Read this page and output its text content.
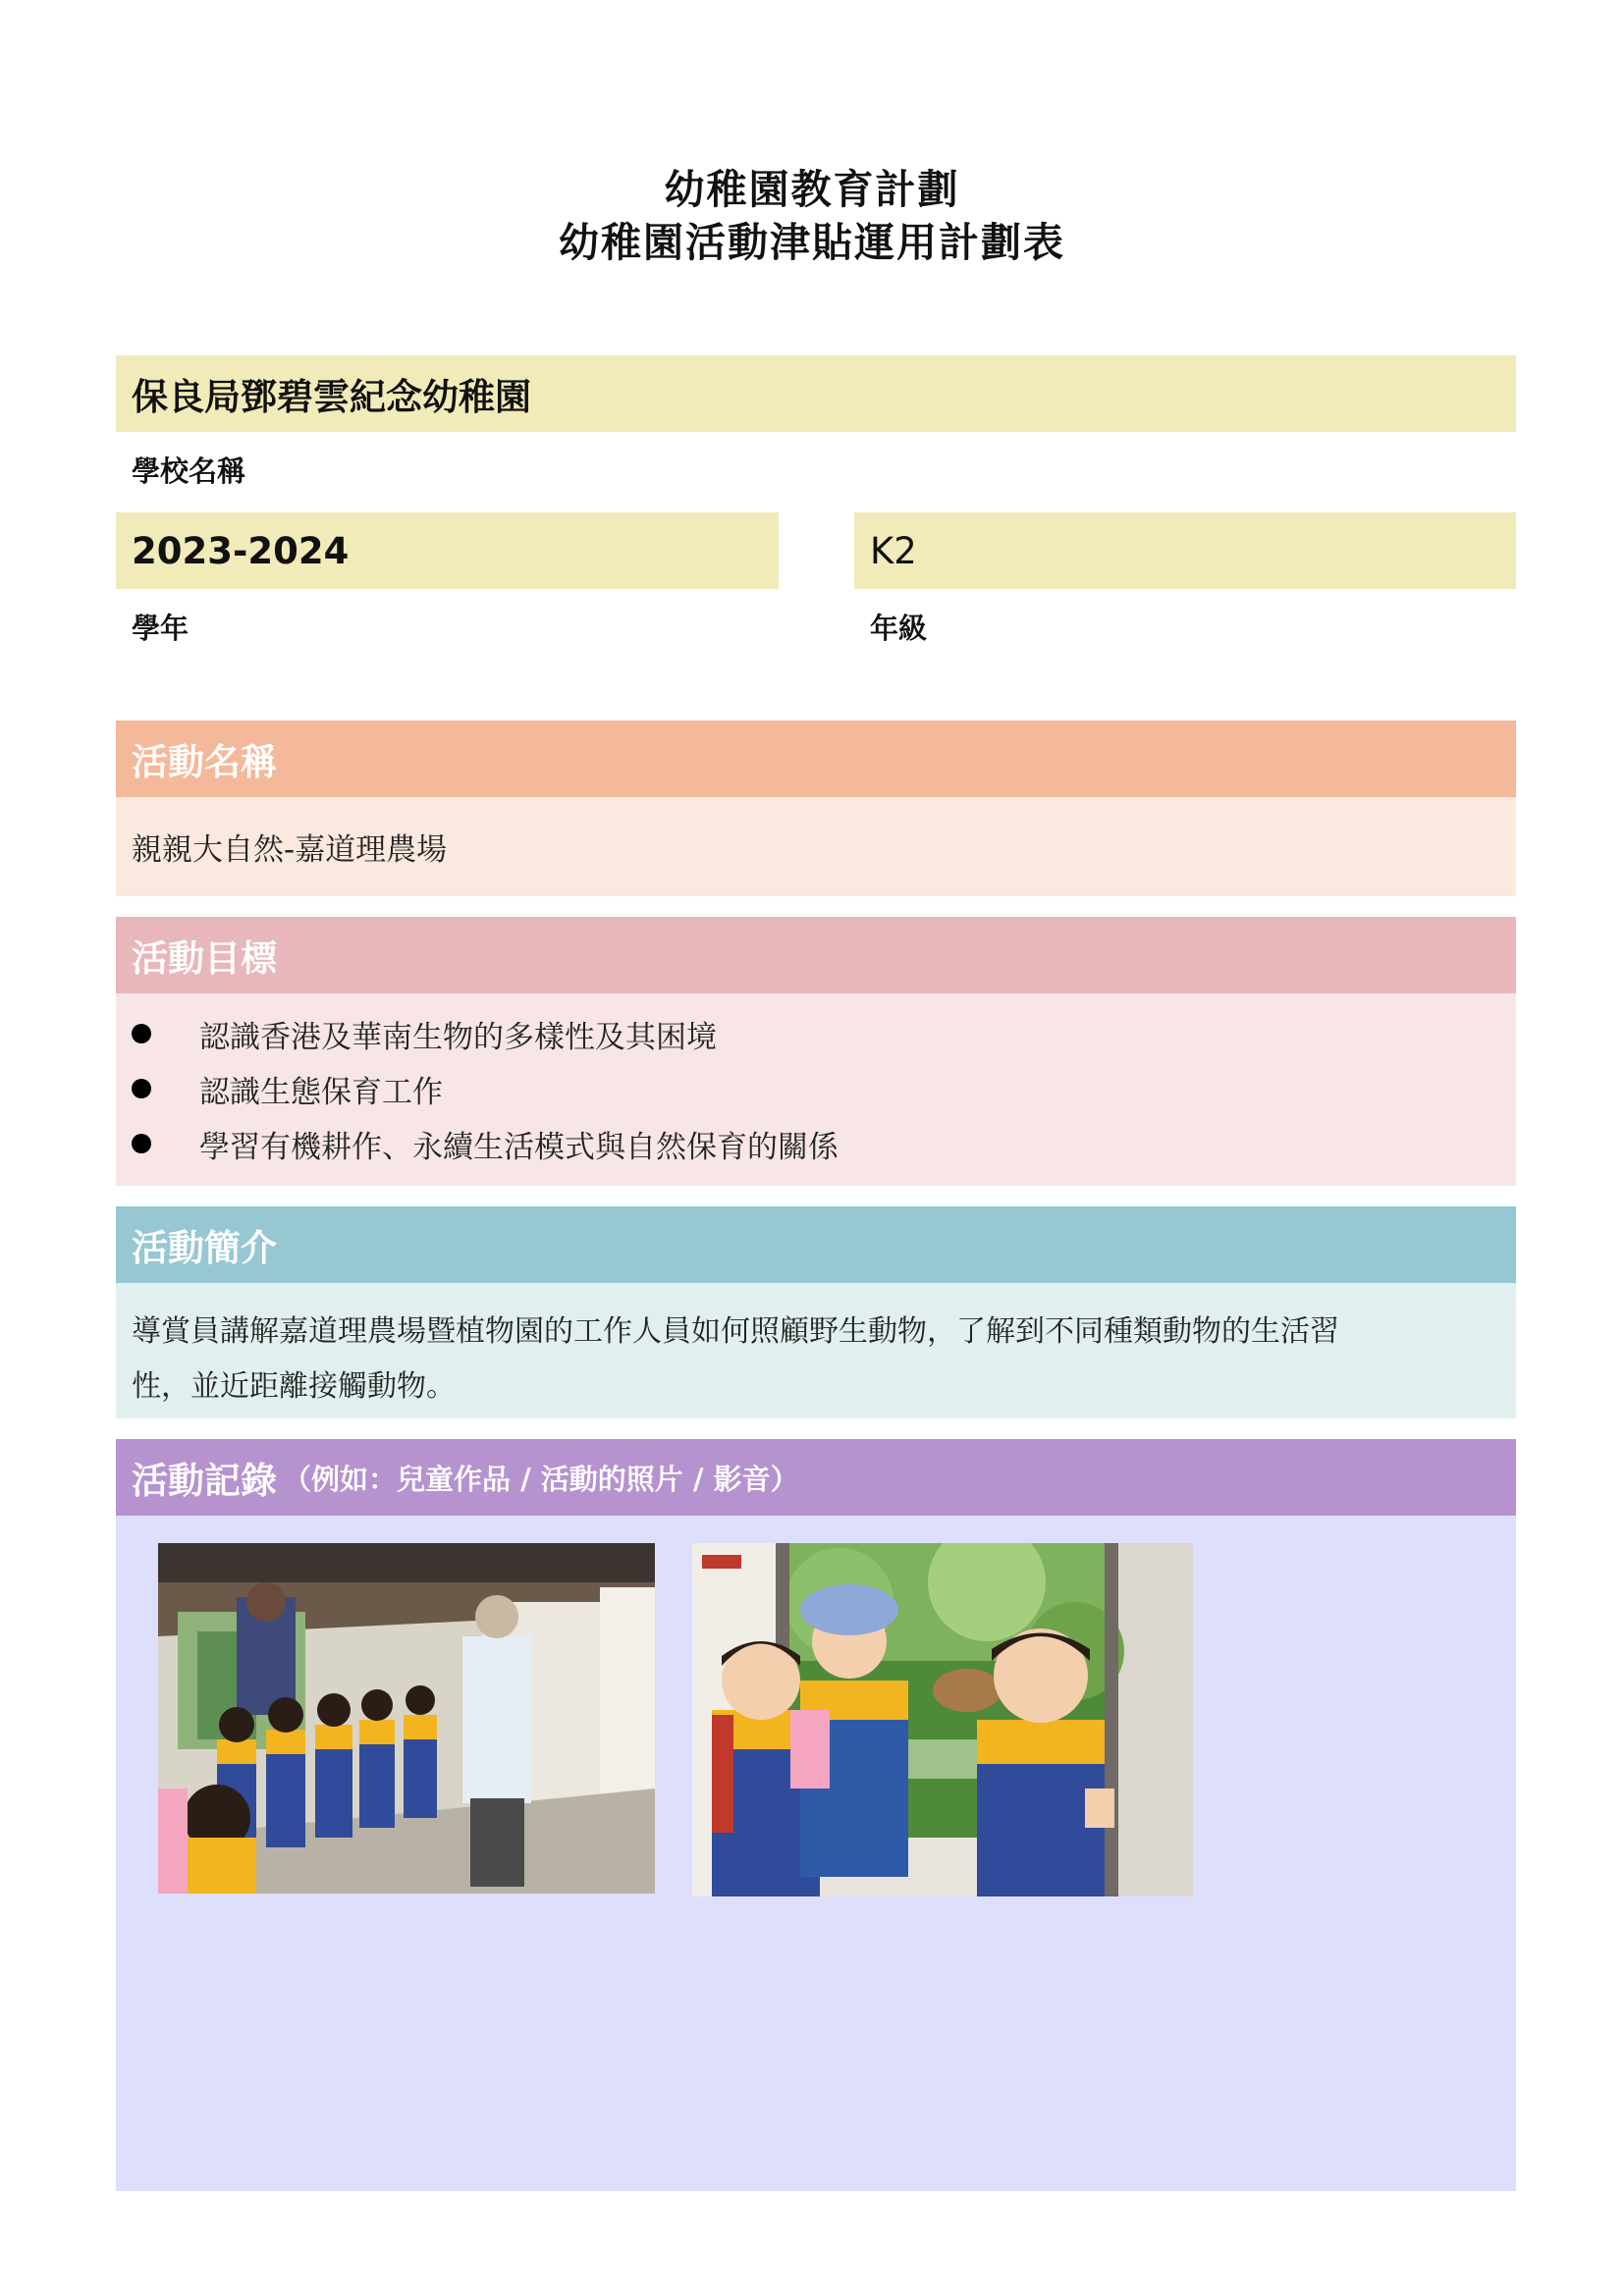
幼稚園教育計劃
幼稚園活動津貼運用計劃表
保良局鄧碧雲紀念幼稚園
學校名稱
2023-2024
學年
K2
年級
活動名稱
親親大自然-嘉道理農場
活動目標
認識香港及華南生物的多樣性及其困境
認識生態保育工作
學習有機耕作、永續生活模式與自然保育的關係
活動簡介
導賞員講解嘉道理農場暨植物園的工作人員如何照顧野生動物，了解到不同種類動物的生活習
性，並近距離接觸動物。
活動記錄 （例如：兒童作品 / 活動的照片 / 影音）
